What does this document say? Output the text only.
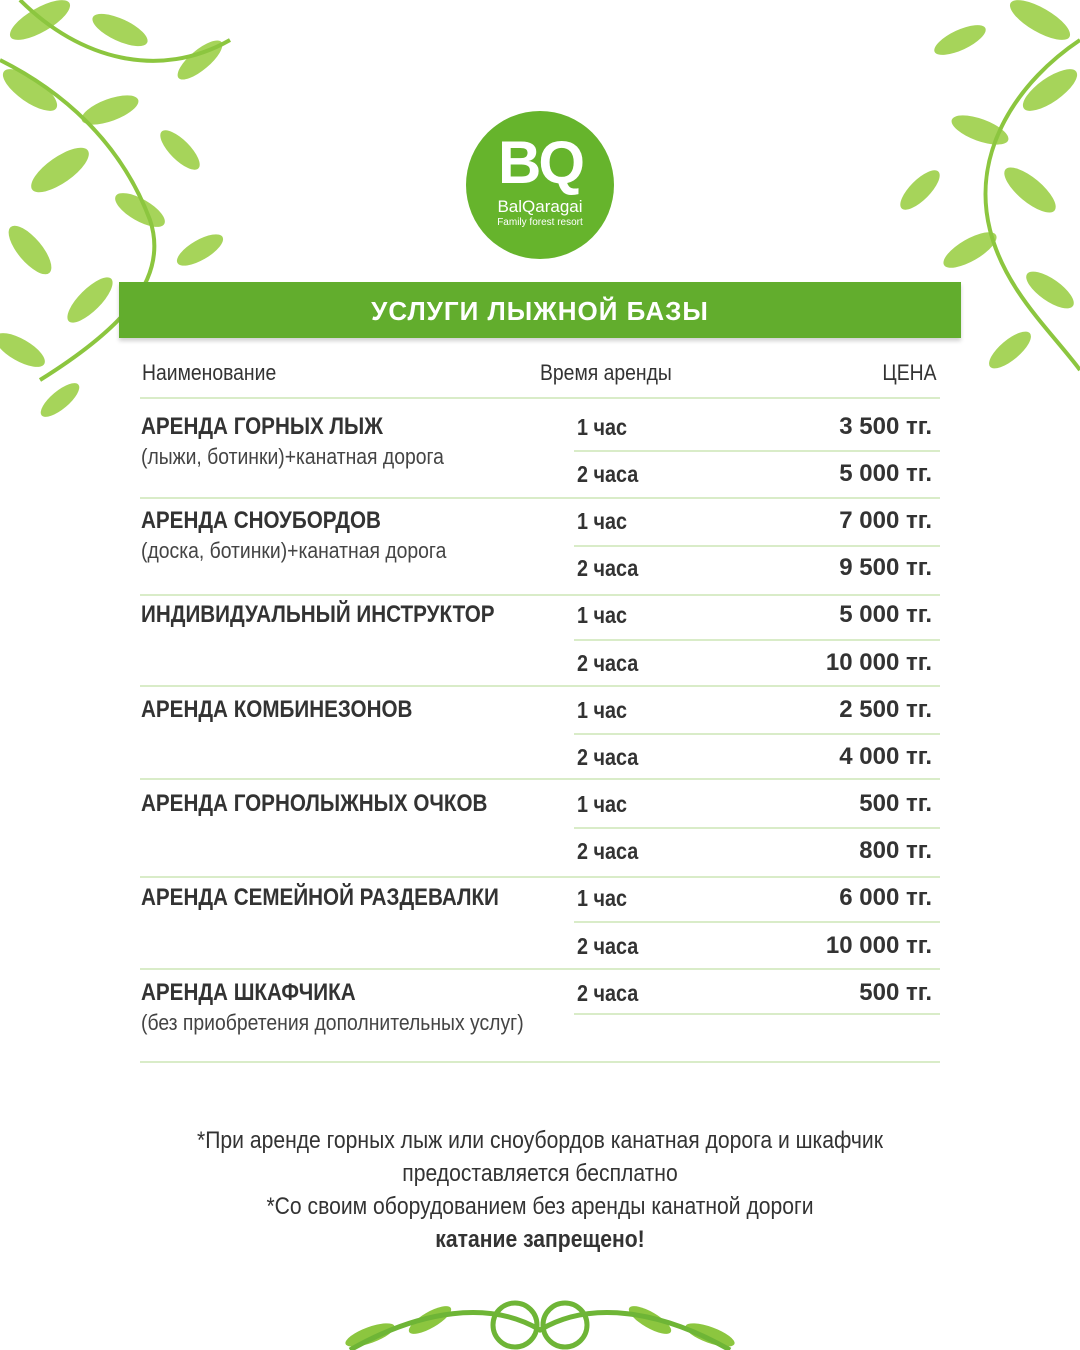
BQ
BalQaragai
Family forest resort
УСЛУГИ ЛЫЖНОЙ БАЗЫ
Наименование	Время аренды	ЦЕНА
АРЕНДА ГОРНЫХ ЛЫЖ
(лыжи, ботинки)+канатная дорога
1 час	3 500 тг.
2 часа	5 000 тг.
АРЕНДА СНОУБОРДОВ
(доска, ботинки)+канатная дорога
1 час	7 000 тг.
2 часа	9 500 тг.
ИНДИВИДУАЛЬНЫЙ ИНСТРУКТОР	1 час	5 000 тг.
2 часа	10 000 тг.
АРЕНДА КОМБИНЕЗОНОВ	1 час	2 500 тг.
2 часа	4 000 тг.
АРЕНДА ГОРНОЛЫЖНЫХ ОЧКОВ	1 час	500 тг.
2 часа	800 тг.
АРЕНДА СЕМЕЙНОЙ РАЗДЕВАЛКИ	1 час	6 000 тг.
2 часа	10 000 тг.
АРЕНДА ШКАФЧИКА
(без приобретения дополнительных услуг)
2 часа	500 тг.
*При аренде горных лыж или сноубордов канатная дорога и шкафчик
предоставляется бесплатно
*Со своим оборудованием без аренды канатной дороги
катание запрещено!
